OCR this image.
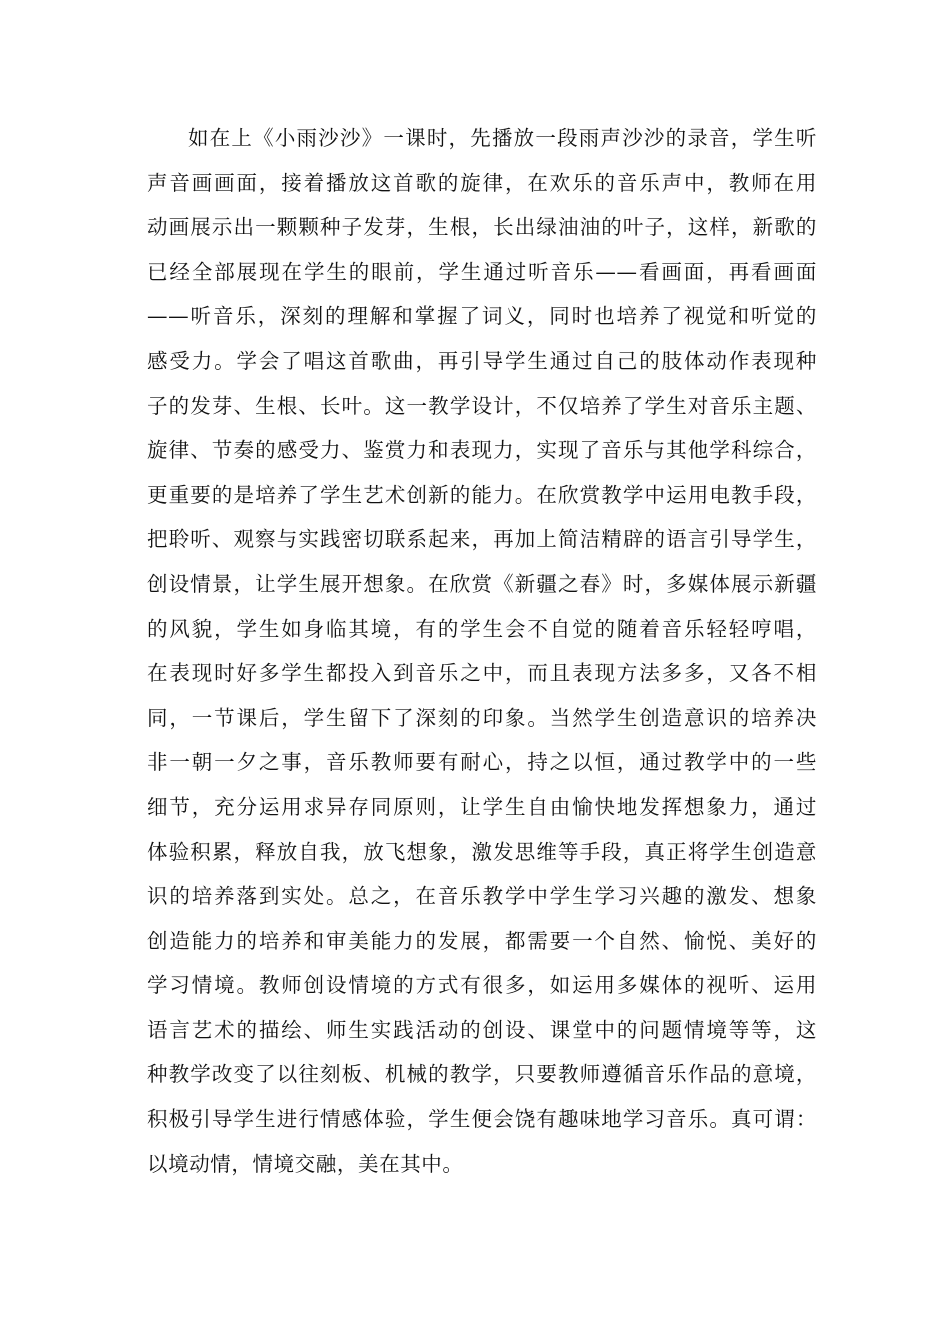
如在上《小雨沙沙》一课时，先播放一段雨声沙沙的录音，学生听
声音画画面，接着播放这首歌的旋律，在欢乐的音乐声中，教师在用
动画展示出一颗颗种子发芽，生根，长出绿油油的叶子，这样，新歌的
已经全部展现在学生的眼前，学生通过听音乐——看画面，再看画面
——听音乐，深刻的理解和掌握了词义，同时也培养了视觉和听觉的
感受力。学会了唱这首歌曲，再引导学生通过自己的肢体动作表现种
子的发芽、生根、长叶。这一教学设计，不仅培养了学生对音乐主题、
旋律、节奏的感受力、鉴赏力和表现力，实现了音乐与其他学科综合，
更重要的是培养了学生艺术创新的能力。在欣赏教学中运用电教手段，
把聆听、观察与实践密切联系起来，再加上简洁精辟的语言引导学生，
创设情景，让学生展开想象。在欣赏《新疆之春》时，多媒体展示新疆
的风貌，学生如身临其境，有的学生会不自觉的随着音乐轻轻哼唱，
在表现时好多学生都投入到音乐之中，而且表现方法多多，又各不相
同，一节课后，学生留下了深刻的印象。当然学生创造意识的培养决
非一朝一夕之事，音乐教师要有耐心，持之以恒，通过教学中的一些
细节，充分运用求异存同原则，让学生自由愉快地发挥想象力，通过
体验积累，释放自我，放飞想象，激发思维等手段，真正将学生创造意
识的培养落到实处。总之，在音乐教学中学生学习兴趣的激发、想象
创造能力的培养和审美能力的发展，都需要一个自然、愉悦、美好的
学习情境。教师创设情境的方式有很多，如运用多媒体的视听、运用
语言艺术的描绘、师生实践活动的创设、课堂中的问题情境等等，这
种教学改变了以往刻板、机械的教学，只要教师遵循音乐作品的意境，
积极引导学生进行情感体验，学生便会饶有趣味地学习音乐。真可谓：
以境动情，情境交融，美在其中。
